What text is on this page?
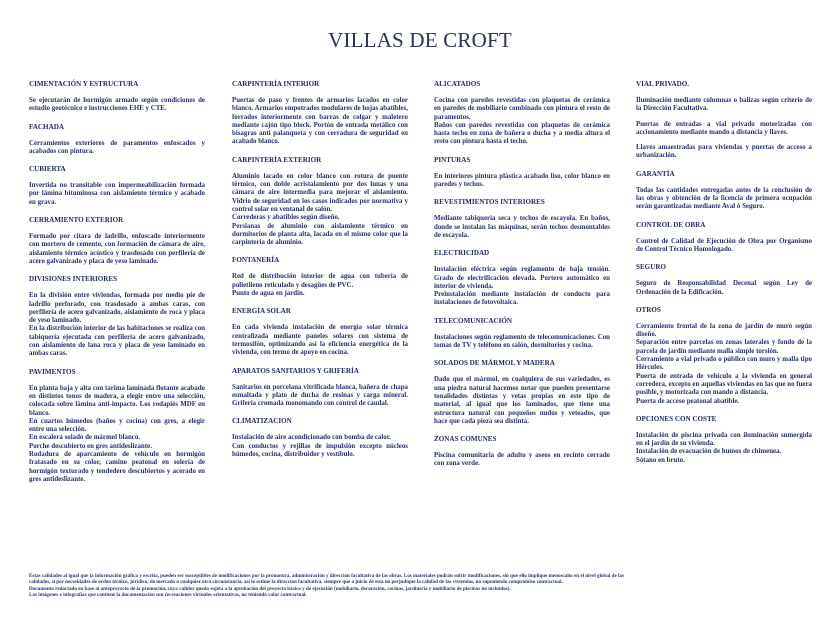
VILLAS DE CROFT
CIMENTACIÓN Y ESTRUCTURA

Se ejecutarán de hormigón armado según condiciones de estudio geotécnico e instrucciones EHE y CTE.

FACHADA

Cerramientos exteriores de paramentos enfoscados y acabados con pintura.

CUBIERTA

Invertida no transitable con impermeabilización formada por lámina bituminosa con aislamiento térmico y acabado en grava.

CERRAMIENTO EXTERIOR

Formado por citara de ladrillo, enfoscado interiormente con mortero de cemento, con formación de cámara de aire, aislamiento térmico acústico y trasdosado con perfilería de acero galvanizado y placa de yeso laminado.

DIVISIONES INTERIORES

En la división entre viviendas, formada por medio pie de ladrillo perforado, con trasdosado a ambas caras, con perfilería de acero galvanizado, aislamiento de roca y placa de yeso laminado.

En la distribución interior de las habitaciones se realiza con tabiquería ejecutada con perfilería de acero galvanizado, con aislamiento de lana roca y placa de yeso laminado en ambas caras.

PAVIMENTOS

En planta baja y alta con tarima laminada flotante acabado en distintos tonos de madera, a elegir entre una selección, colocada sobre lámina anti-impacto. Los rodapiés MDF en blanco.

En cuartos húmedos (baños y cocina) con gres, a elegir entre una selección.

En escalera solado de mármol blanco.

Porche descubierto en gres antideslizante.

Rodadura de aparcamiento de vehículo en hormigón fratasado en su color, camino peatonal en solería de hormigón texturado y tendedero descubiertos y acerado en gres antideslizante.

CARPINTERÍA INTERIOR

Puertas de paso y frentes de armarios lacados en color blanco. Armarios empotrados modulares de hojas abatibles, forrados interiormente con barras de colgar y maletero mediante cajón tipo block. Portón de entrada metálico con bisagras anti palanqueta y con cerradura de seguridad en acabado blanco.

CARPINTERÍA EXTERIOR

Aluminio lacado en color blanco con rotura de puente térmico, con doble acristalamiento por dos lunas y una cámara de aire intermedia para mejorar el aislamiento. Vidrio de seguridad en los casos indicados por normativa y control solar en ventanal de salón.

Correderas y abatibles según diseño.

Persianas de aluminio con aislamiento térmico en dormitorios de planta alta, lacada en el mismo color que la carpintería de aluminio.

FONTANERÍA

Red de distribución interior de agua con tubería de polietileno reticulado y desagües de PVC.

Punto de agua en jardín.

ENERGÍA SOLAR

En cada vivienda instalación de energía solar térmica centralizada mediante paneles solares con sistema de termosifón, optimizando así la eficiencia energética de la vivienda, con termo de apoyo en cocina.

APARATOS SANITARIOS Y GRIFERÍA

Sanitarios en porcelana vitrificada blanca, bañera de chapa esmaltada y plato de ducha de resinas y carga mineral. Grifería cromada monomando con control de caudal.

CLIMATIZACION

Instalación de aire acondicionado con bomba de calor.

Con conductos y rejillas de impulsión excepto núcleos húmedos, cocina, distribuidor y vestíbulo.

ALICATADOS

Cocina con paredes revestidas con plaquetas de cerámica en paredes de mobiliario combinado con pintura el resto de paramentos.

Baños con paredes revestidas con plaquetas de cerámica hasta techo en zona de bañera o ducha y a media altura el resto con pintura hasta el techo.

PINTURAS

En interiores pintura plástica acabado liso, color blanco en paredes y techos.

REVESTIMIENTOS INTERIORES

Mediante tabiquería seca y techos de escayola. En baños, donde se instalan las máquinas, serán techos desmontables de escayola.

ELECTRICIDAD

Instalación eléctrica según reglamento de baja tensión. Grado de electrificación elevada. Portero automático en interior de vivienda.

Preinstalación mediante instalación de conducto para instalaciones de fotovoltaica.

TELECOMUNICACIÓN

Instalaciones según reglamento de telecomunicaciones. Con tomas de TV y teléfono en salón, dormitorios y cocina.

SOLADOS DE MÁRMOL Y MADERA

Dado que el mármol, en cualquiera de sus variedades, es una piedra natural hacemos notar que pueden presentarse tonalidades distintas y vetas propias en este tipo de material, al igual que los laminados, que tiene una estructura natural con pequeños nudos y veteados, que hace que cada pieza sea distinta.

ZONAS COMUNES

Piscina comunitaria de adulto y aseos en recinto cerrado con zona verde.

VIAL PRIVADO.

Iluminación mediante columnas o balizas según criterio de la Dirección Facultativa.

Puertas de entradas a vial privado motorizadas con accionamiento mediante mando a distancia y llaves.

Llaves amaestradas para viviendas y puertas de acceso a urbanización.

GARANTÍA

Todas las cantidades entregadas antes de la conclusión de las obras y obtención de la licencia de primera ocupación serán garantizadas mediante Aval ó Seguro.

CONTROL DE OBRA

Control de Calidad de Ejecución de Obra por Organismo de Control Técnico Homologado.

SEGURO

Seguro de Responsabilidad Decenal según Ley de Ordenación de la Edificación.

OTROS

Cerramiento frontal de la zona de jardín de muro según diseño.

Separación entre parcelas en zonas laterales y fondo de la parcela de jardín mediante malla simple torsión.

Cerramiento a vial privado o público con muro y malla tipo Hércules.

Puerta de entrada de vehículo a la vivienda en general corredera, excepto en aquellas viviendas en las que no fuera posible, y motorizada con mando a distancia.

Puerta de acceso peatonal abatible.

OPCIONES CON COSTE

Instalación de piscina privada con iluminación sumergida en el jardín de su vivienda.

Instalación de evacuación de humos de chimenea.

Sótano en bruto.

Estas calidades al igual que la información gráfica y escrita, pueden ser susceptibles de modificaciones por la promotora, administración y dirección facultativa de las obras. Los materiales podrán sufrir modificaciones, sin que ello implique menoscabo en el nivel global de las
calidades, si por necesidades de orden técnico, jurídico, de mercado o cualquier otra circunstancia, así lo estime la dirección facultativa, siempre que a juicio de esta no perjudique la calidad de las viviendas, no suponiendo compromiso contractual.
Documento redactado en base al anteproyecto de la promoción, cuya validez queda sujeta a la aprobación del proyecto básico y de ejecución (mobiliario, decoración, cocinas, jardinería y mobiliario de piscinas no incluidos).
Las imágenes e infografías que contiene la documentación son recreaciones virtuales orientativas, no teniendo valor contractual.
